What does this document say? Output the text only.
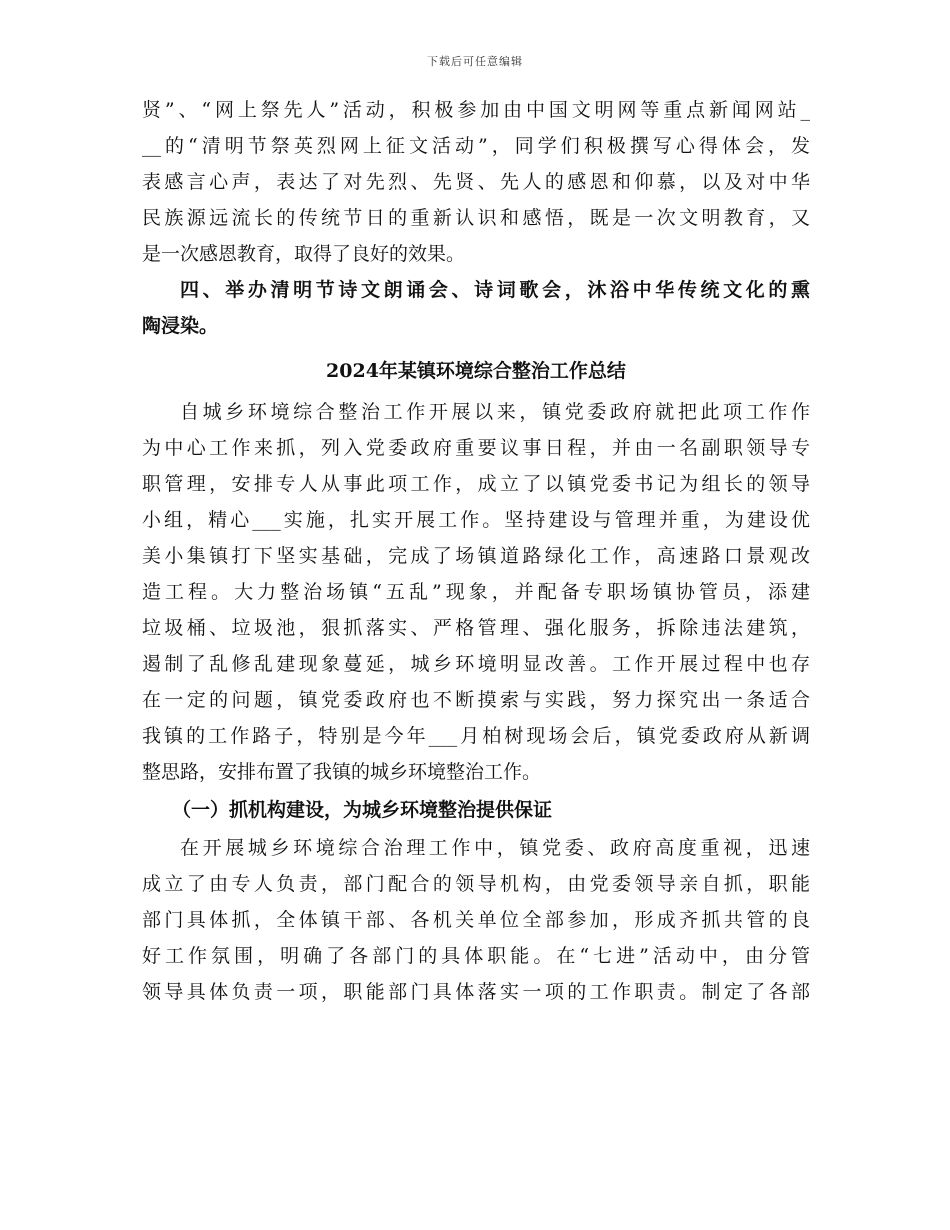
下载后可任意编辑
贤”、“网上祭先人”活动，积极参加由中国文明网等重点新闻网站_
__的“清明节祭英烈网上征文活动”，同学们积极撰写心得体会，发
表感言心声，表达了对先烈、先贤、先人的感恩和仰慕，以及对中华
民族源远流长的传统节日的重新认识和感悟，既是一次文明教育，又
是一次感恩教育，取得了良好的效果。
四、举办清明节诗文朗诵会、诗词歌会，沐浴中华传统文化的熏
陶浸染。
2024年某镇环境综合整治工作总结
自城乡环境综合整治工作开展以来，镇党委政府就把此项工作作
为中心工作来抓，列入党委政府重要议事日程，并由一名副职领导专
职管理，安排专人从事此项工作，成立了以镇党委书记为组长的领导
小组，精心___实施，扎实开展工作。坚持建设与管理并重，为建设优
美小集镇打下坚实基础，完成了场镇道路绿化工作，高速路口景观改
造工程。大力整治场镇“五乱”现象，并配备专职场镇协管员，添建
垃圾桶、垃圾池，狠抓落实、严格管理、强化服务，拆除违法建筑，
遏制了乱修乱建现象蔓延，城乡环境明显改善。工作开展过程中也存
在一定的问题，镇党委政府也不断摸索与实践，努力探究出一条适合
我镇的工作路子，特别是今年___月柏树现场会后，镇党委政府从新调
整思路，安排布置了我镇的城乡环境整治工作。
（一）抓机构建设，为城乡环境整治提供保证
在开展城乡环境综合治理工作中，镇党委、政府高度重视，迅速
成立了由专人负责，部门配合的领导机构，由党委领导亲自抓，职能
部门具体抓，全体镇干部、各机关单位全部参加，形成齐抓共管的良
好工作氛围，明确了各部门的具体职能。在“七进”活动中，由分管
领导具体负责一项，职能部门具体落实一项的工作职责。制定了各部
